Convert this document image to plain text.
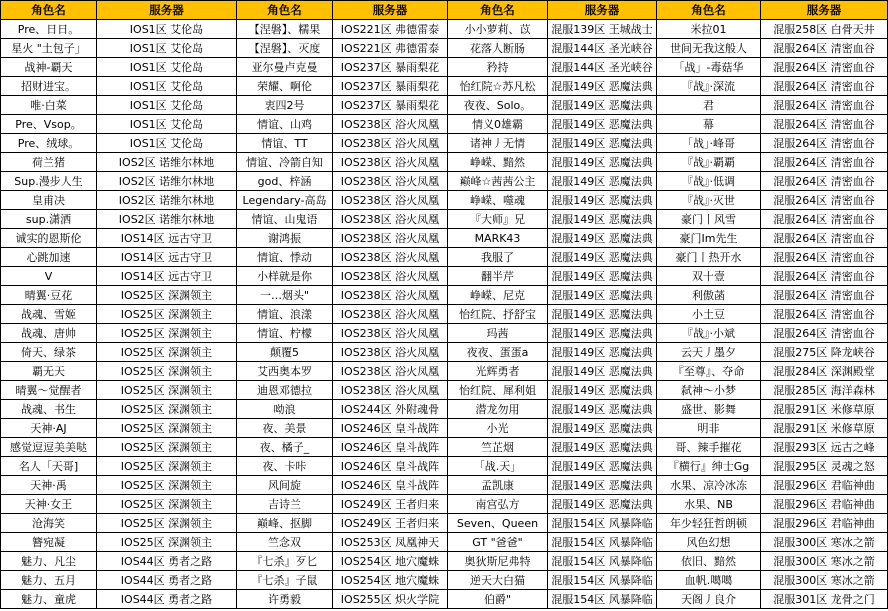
角色名	服务器	角色名	服务器	角色名	服务器	角色名	服务器
Pre、日日。	IOS1区 艾伦岛	【涅磐】、糯果	IOS221区 弗德雷泰	小小萝莉、苡	混服139区 王城战士	米拉01	混服258区 白骨天井
星火 "土包子」	IOS1区 艾伦岛	【涅磐】、灭度	IOS221区 弗德雷泰	花落人断肠	混服144区 圣光峡谷	世间无我这般人	混服264区 清密血谷
战神-覇天	IOS1区 艾伦岛	亚尔曼卢克曼	IOS237区 暴雨梨花	矜持	混服144区 圣光峡谷	「战」-毒菇华	混服264区 清密血谷
招财进宝。	IOS1区 艾伦岛	荣耀、啊伦	IOS237区 暴雨梨花	怡红院☆苏凡松	混服149区 恶魔法典	『战』·深流	混服264区 清密血谷
唯·白菜	IOS1区 艾伦岛	衷四2号	IOS237区 暴雨梨花	夜夜、Solo。	混服149区 恶魔法典	君	混服264区 清密血谷
Pre、Vsop。	IOS1区 艾伦岛	情谊、山鸡	IOS238区 浴火凤凰	情义0雄霸	混服149区 恶魔法典	幕	混服264区 清密血谷
Pre、绒球。	IOS1区 艾伦岛	情谊、TT	IOS238区 浴火凤凰	诸神丿无情	混服149区 恶魔法典	「战」·峰哥	混服264区 清密血谷
荷兰猪	IOS2区 诺维尔林地	情谊、冷箭自知	IOS238区 浴火凤凰	峥嵘、黯然	混服149区 恶魔法典	『战』·覇覇	混服264区 清密血谷
Sup.漫步人生	IOS2区 诺维尔林地	god、梓涵	IOS238区 浴火凤凰	巅峰☆茜茜公主	混服149区 恶魔法典	『战』·低调	混服264区 清密血谷
皇甫决	IOS2区 诺维尔林地	Legendary-高岛	IOS238区 浴火凤凰	峥嵘、噬魂	混服149区 恶魔法典	『战』·灭世	混服264区 清密血谷
sup.潇洒	IOS2区 诺维尔林地	情谊、山鬼语	IOS238区 浴火凤凰	『大师』兄	混服149区 恶魔法典	豪门丨风雪	混服264区 清密血谷
诚实的恩斯伦	IOS14区 远古守卫	谢鸿振	IOS238区 浴火凤凰	MARK43	混服149区 恶魔法典	豪门Im先生	混服264区 清密血谷
心跳加速	IOS14区 远古守卫	情谊、悸动	IOS238区 浴火凤凰	我服了	混服149区 恶魔法典	豪门丨热开水	混服264区 清密血谷
V	IOS14区 远古守卫	小样就是你	IOS238区 浴火凤凰	翻半芹	混服149区 恶魔法典	双十壹	混服264区 清密血谷
晴翼·豆花	IOS25区 深渊领主	一…烟头"	IOS238区 浴火凤凰	峥嵘、尼克	混服149区 恶魔法典	利傲菡	混服264区 清密血谷
战魂、雪姬	IOS25区 深渊领主	情谊、浪漾	IOS238区 浴火凤凰	怡红院、抒舒宝	混服149区 恶魔法典	小土豆	混服264区 清密血谷
战魂、唐帅	IOS25区 深渊领主	情谊、柠檬	IOS238区 浴火凤凰	玛茜	混服149区 恶魔法典	『战』·小斌	混服264区 清密血谷
倚天、绿茶	IOS25区 深渊领主	颠覆5	IOS238区 浴火凤凰	夜夜、蛋蛋a	混服149区 恶魔法典	云天丿墨夕	混服275区 降龙峡谷
覇无天	IOS25区 深渊领主	艾西奥本罗	IOS238区 浴火凤凰	光辉勇者	混服149区 恶魔法典	『至尊』、夺命	混服284区 深渊殿堂
晴翼～觉醒者	IOS25区 深渊领主	迪恩邓德拉	IOS238区 浴火凤凰	怡红院、犀利姐	混服149区 恶魔法典	弑神～小梦	混服285区 海洋森林
战魂、书生	IOS25区 深渊领主	呦浪	IOS244区 外附魂骨	潜龙勿用	混服149区 恶魔法典	盛世、影舞	混服291区 米修草原
天神·AJ	IOS25区 深渊领主	夜、美景	IOS246区 皇斗战阵	小光	混服149区 恶魔法典	明非	混服291区 米修草原
感觉逗逗美美哒	IOS25区 深渊领主	夜、橘子_	IOS246区 皇斗战阵	竺芷烟	混服149区 恶魔法典	哥、辣手摧花	混服293区 远古之峰
名人「天哥]	IOS25区 深渊领主	夜、卡咔	IOS246区 皇斗战阵	「战.天」	混服149区 恶魔法典	『横行』绅士Gg	混服295区 灵魂之怒
天神·禹	IOS25区 深渊领主	风间旋	IOS246区 皇斗战阵	孟凯康	混服149区 恶魔法典	水果、凉冷冰冻	混服296区 君临神曲
天神·女王	IOS25区 深渊领主	吉诗兰	IOS249区 王者归来	南宫弘方	混服149区 恶魔法典	水果、NB	混服296区 君临神曲
沧海笑	IOS25区 深渊领主	巅峰、抠脚	IOS249区 王者归来	Seven、Queen	混服154区 风暴降临	年少轻狂哲朗顿	混服296区 君临神曲
簪宛凝	IOS25区 深渊领主	竺念双	IOS253区 凤凰神天	GT "爸爸"	混服154区 风暴降临	风色幻想	混服300区 寒冰之箭
魅力、凡尘	IOS44区 勇者之路	『七杀』歹匕	IOS254区 地穴魔蛛	奥狄斯尼弗特	混服154区 风暴降临	依旧、黯然	混服300区 寒冰之箭
魅力、五月	IOS44区 勇者之路	『七杀』子鼠	IOS254区 地穴魔蛛	逆天大白猫	混服154区 风暴降临	血帆.噶噶	混服300区 寒冰之箭
魅力、童虎	IOS44区 勇者之路	许勇毅	IOS255区 炽火学院	伯爵"	混服154区 风暴降临	天阁丿良介	混服301区 龙骨之门
